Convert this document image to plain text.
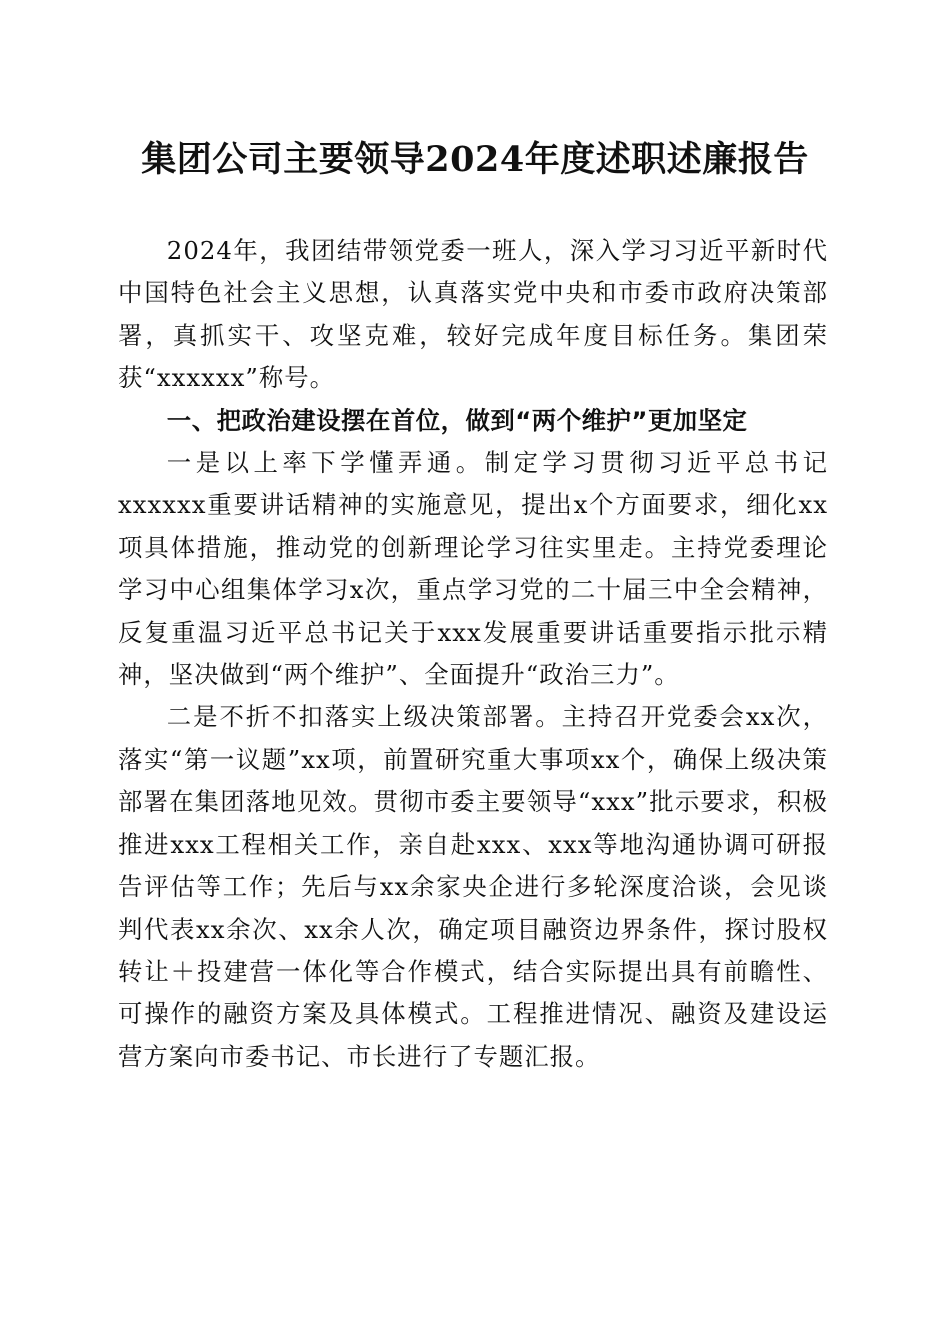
集团公司主要领导2024年度述职述廉报告

2024年，我团结带领党委一班人，深入学习习近平新时代中国特色社会主义思想，认真落实党中央和市委市政府决策部署，真抓实干、攻坚克难，较好完成年度目标任务。集团荣获“xxxxxx”称号。

一、把政治建设摆在首位，做到“两个维护”更加坚定

一是以上率下学懂弄通。制定学习贯彻习近平总书记xxxxxx重要讲话精神的实施意见，提出x个方面要求，细化xx项具体措施，推动党的创新理论学习往实里走。主持党委理论学习中心组集体学习x次，重点学习党的二十届三中全会精神，反复重温习近平总书记关于xxx发展重要讲话重要指示批示精神，坚决做到“两个维护”、全面提升“政治三力”。

二是不折不扣落实上级决策部署。主持召开党委会xx次，落实“第一议题”xx项，前置研究重大事项xx个，确保上级决策部署在集团落地见效。贯彻市委主要领导“xxx”批示要求，积极推进xxx工程相关工作，亲自赴xxx、xxx等地沟通协调可研报告评估等工作；先后与xx余家央企进行多轮深度洽谈，会见谈判代表xx余次、xx余人次，确定项目融资边界条件，探讨股权转让＋投建营一体化等合作模式，结合实际提出具有前瞻性、可操作的融资方案及具体模式。工程推进情况、融资及建设运营方案向市委书记、市长进行了专题汇报。
